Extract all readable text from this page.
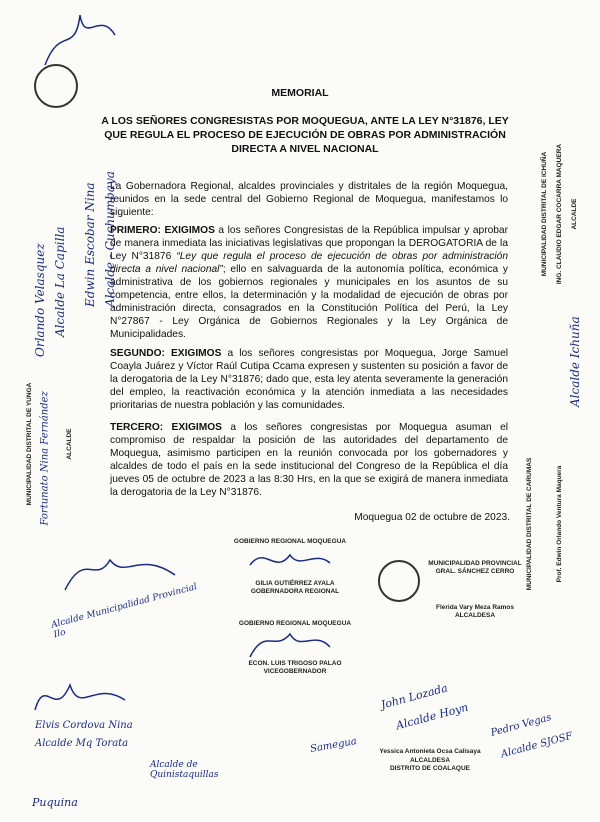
MEMORIAL
A LOS SEÑORES CONGRESISTAS POR MOQUEGUA, ANTE LA LEY N°31876, LEY QUE REGULA EL PROCESO DE EJECUCIÓN DE OBRAS POR ADMINISTRACIÓN DIRECTA A NIVEL NACIONAL
La Gobernadora Regional, alcaldes provinciales y distritales de la región Moquegua, reunidos en la sede central del Gobierno Regional de Moquegua, manifestamos lo siguiente:
PRIMERO: EXIGIMOS a los señores Congresistas de la República impulsar y aprobar de manera inmediata las iniciativas legislativas que propongan la DEROGATORIA de la Ley N°31876 “Ley que regula el proceso de ejecución de obras por administración directa a nivel nacional”; ello en salvaguarda de la autonomía política, económica y administrativa de los gobiernos regionales y municipales en los asuntos de su competencia, entre ellos, la determinación y la modalidad de ejecución de obras por administración directa, consagrados en la Constitución Política del Perú, la Ley N°27867 - Ley Orgánica de Gobiernos Regionales y la Ley Orgánica de Municipalidades.
SEGUNDO: EXIGIMOS a los señores congresistas por Moquegua, Jorge Samuel Coayla Juárez y Víctor Raúl Cutipa Ccama expresen y sustenten su posición a favor de la derogatoria de la Ley N°31876; dado que, esta ley atenta severamente la generación del empleo, la reactivación económica y la atención inmediata a las necesidades prioritarias de nuestra población y las comunidades.
TERCERO: EXIGIMOS a los señores congresistas por Moquegua asuman el compromiso de respaldar la posición de las autoridades del departamento de Moquegua, asimismo participen en la reunión convocada por los gobernadores y alcaldes de todo el país en la sede institucional del Congreso de la República el día jueves 05 de octubre de 2023 a las 8:30 Hrs, en la que se exigirá de manera inmediata la derogatoria de la Ley N°31876.
Moquegua 02 de octubre de 2023.
Orlando Velasquez Alcalde La Capilla Edwin Escobar Nina Alcalde - Cuchumbaya
MUNICIPALIDAD DISTRITAL DE YUNGA Fortunato Nina Fernández ALCALDE
MUNICIPALIDAD DISTRITAL DE ICHUÑA ING. CLAUDIO EDGAR COCARRA MAQUERA ALCALDE
Alcalde Ichuña
MUNICIPALIDAD DISTRITAL DE CARUMAS	Prof. Edwin Orlando Ventura Maquera
GOBIERNO REGIONAL MOQUEGUA
GILIA GUTIÉRREZ AYALA
GOBERNADORA REGIONAL
GOBIERNO REGIONAL MOQUEGUA
ECON. LUIS TRIGOSO PALAO
VICEGOBERNADOR
MUNICIPALIDAD PROVINCIAL GRAL. SÁNCHEZ CERRO
Flerida Vary Meza Ramos
ALCALDESA
Alcalde Municipalidad Provincial Ilo
Elvis Cordova Nina
Alcalde Mq Torata
Alcalde de Quinistaquillas
Puquina
John Lozada
Alcalde Hoyn
Samegua	Yessica Antonieta Ocsa Calisaya
ALCALDESA
DISTRITO DE COALAQUE
Pedro Vegas
Alcalde SJOSF
